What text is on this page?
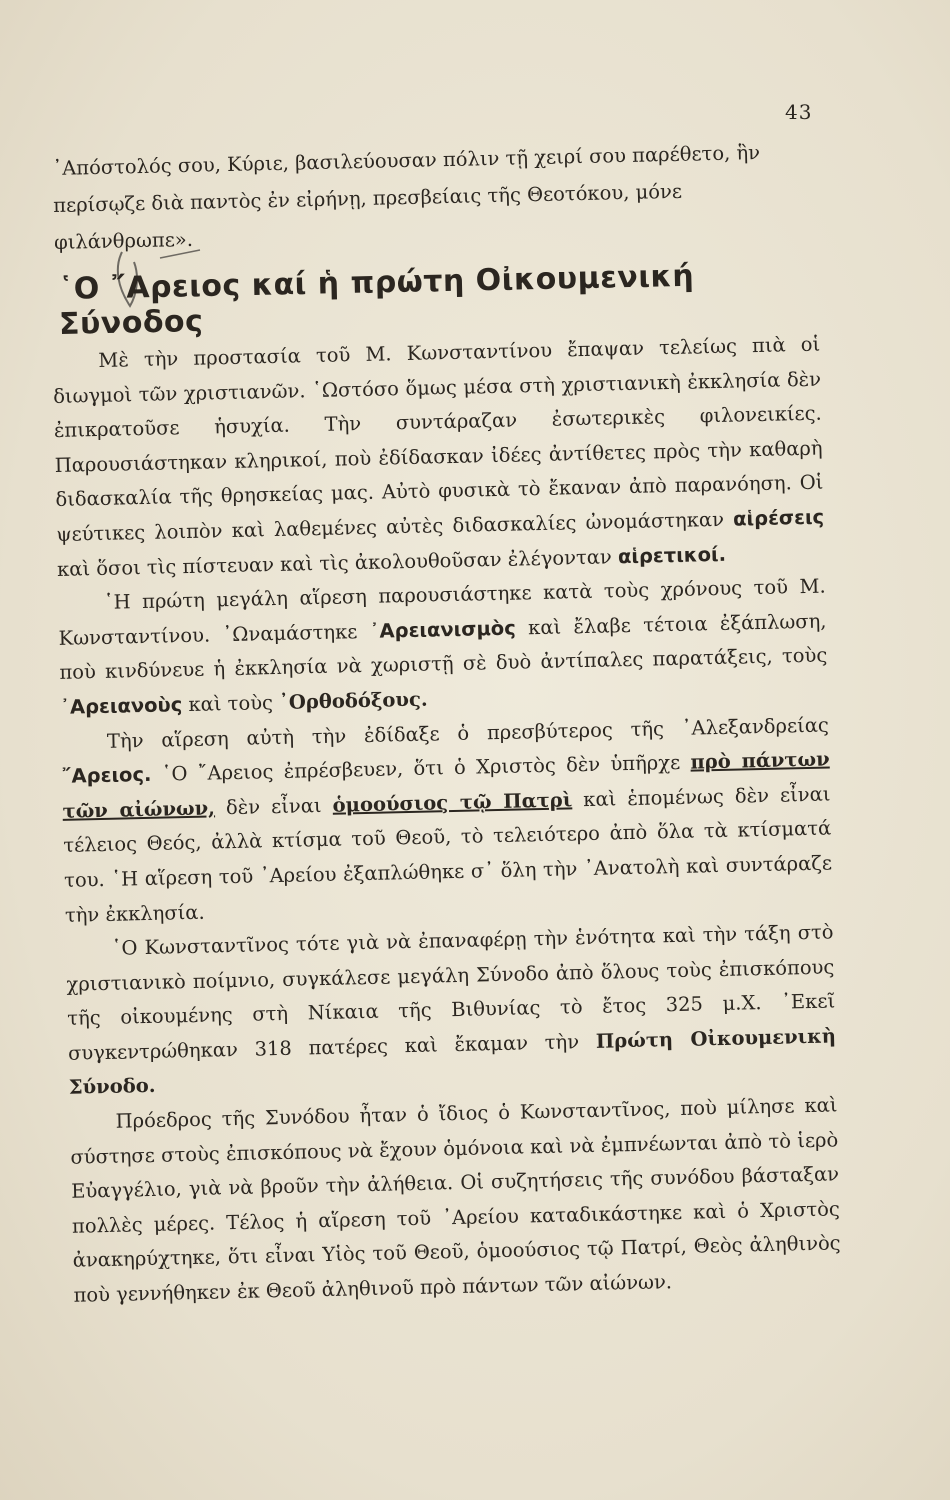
43
᾿Απόστολός σου, Κύριε, βασιλεύουσαν πόλιν τῇ χειρί σου παρέθετο, ἣν περίσῳζε διὰ παντὸς ἐν εἰρήνῃ, πρεσβείαις τῆς Θεοτόκου, μόνε φιλάνθρωπε».
῾Ο ῎Αρειος καί ἡ πρώτη Οἰκουμενική Σύνοδος

Μὲ τὴν προστασία τοῦ Μ. Κωνσταντίνου ἔπαψαν τελείως πιὰ οἱ διωγμοὶ τῶν χριστιανῶν. ῾Ωστόσο ὅμως μέσα στὴ χριστιανικὴ ἐκκλησία δὲν ἐπικρατοῦσε ἡσυχία. Τὴν συντάραζαν ἐσωτερικὲς φιλονεικίες. Παρουσιάστηκαν κληρικοί, ποὺ ἐδίδασκαν ἰδέες ἀντίθετες πρὸς τὴν καθαρὴ διδασκαλία τῆς θρησκείας μας. Αὐτὸ φυσικὰ τὸ ἔκαναν ἀπὸ παρανόηση. Οἱ ψεύτικες λοιπὸν καὶ λαθεμένες αὐτὲς διδασκαλίες ὠνομάστηκαν αἱρέσεις καὶ ὅσοι τὶς πίστευαν καὶ τὶς ἀκολουθοῦσαν ἐλέγονταν αἱρετικοί.

῾Η πρώτη μεγάλη αἵρεση παρουσιάστηκε κατὰ τοὺς χρόνους τοῦ Μ. Κωνσταντίνου. ᾿Ωναμάστηκε ᾿Αρειανισμὸς καὶ ἔλαβε τέτοια ἐξάπλωση, ποὺ κινδύνευε ἡ ἐκκλησία νὰ χωριστῇ σὲ δυὸ ἀντίπαλες παρατάξεις, τοὺς ᾿Αρειανοὺς καὶ τοὺς ᾿Ορθοδόξους.

Τὴν αἵρεση αὐτὴ τὴν ἐδίδαξε ὁ πρεσβύτερος τῆς ᾿Αλεξανδρείας ῎Αρειος. ῾Ο ῎Αρειος ἐπρέσβευεν, ὅτι ὁ Χριστὸς δὲν ὑπῆρχε πρὸ πάντων τῶν αἰώνων, δὲν εἶναι ὁμοούσιος τῷ Πατρὶ καὶ ἑπομένως δὲν εἶναι τέλειος Θεός, ἀλλὰ κτίσμα τοῦ Θεοῦ, τὸ τελειότερο ἀπὸ ὅλα τὰ κτίσματά του. ῾Η αἵρεση τοῦ ᾿Αρείου ἐξαπλώθηκε σ᾿ ὅλη τὴν ᾿Ανατολὴ καὶ συντάραζε τὴν ἐκκλησία.

῾Ο Κωνσταντῖνος τότε γιὰ νὰ ἐπαναφέρῃ τὴν ἑνότητα καὶ τὴν τάξη στὸ χριστιανικὸ ποίμνιο, συγκάλεσε μεγάλη Σύνοδο ἀπὸ ὅλους τοὺς ἐπισκόπους τῆς οἰκουμένης στὴ Νίκαια τῆς Βιθυνίας τὸ ἔτος 325 μ.Χ. ᾿Εκεῖ συγκεντρώθηκαν 318 πατέρες καὶ ἔκαμαν τὴν Πρώτη Οἰκουμενικὴ Σύνοδο.

Πρόεδρος τῆς Συνόδου ἦταν ὁ ἴδιος ὁ Κωνσταντῖνος, ποὺ μίλησε καὶ σύστησε στοὺς ἐπισκόπους νὰ ἔχουν ὁμόνοια καὶ νὰ ἐμπνέωνται ἀπὸ τὸ ἱερὸ Εὐαγγέλιο, γιὰ νὰ βροῦν τὴν ἀλήθεια. Οἱ συζητήσεις τῆς συνόδου βάσταξαν πολλὲς μέρες. Τέλος ἡ αἵρεση τοῦ ᾿Αρείου καταδικάστηκε καὶ ὁ Χριστὸς ἀνακηρύχτηκε, ὅτι εἶναι Υἱὸς τοῦ Θεοῦ, ὁμοούσιος τῷ Πατρί, Θεὸς ἀληθινὸς ποὺ γεννήθηκεν ἐκ Θεοῦ ἀληθινοῦ πρὸ πάντων τῶν αἰώνων.
